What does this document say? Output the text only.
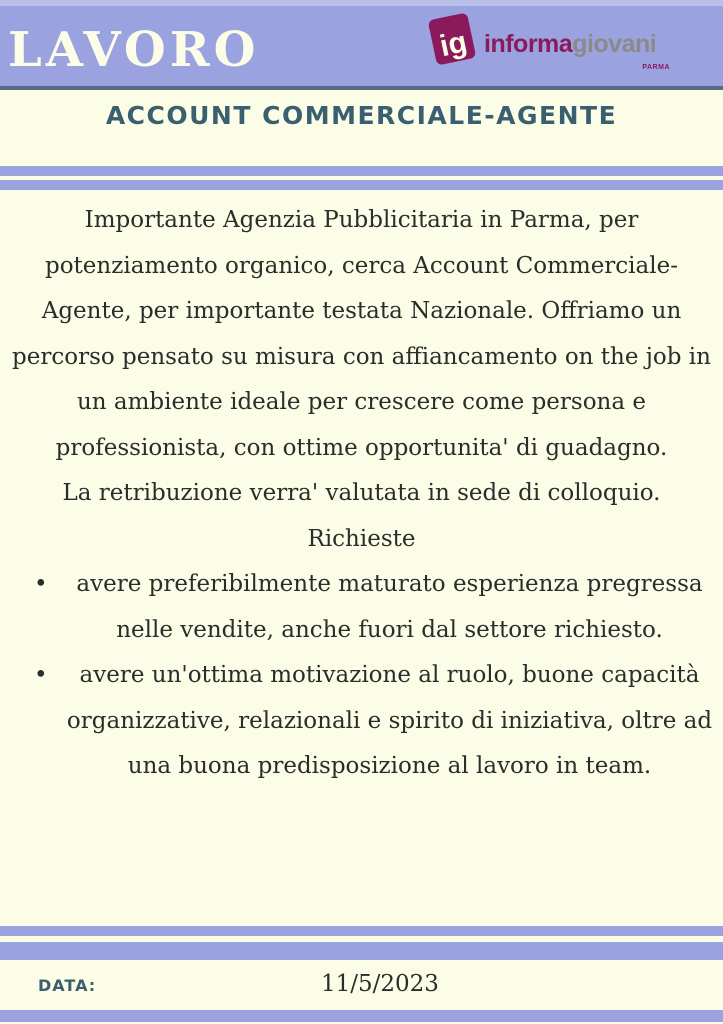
LAVORO	ig informagiovani
PARMA
ACCOUNT COMMERCIALE-AGENTE

Importante Agenzia Pubblicitaria in Parma, per potenziamento organico, cerca Account Commerciale-Agente, per importante testata Nazionale. Offriamo un percorso pensato su misura con affiancamento on the job in un ambiente ideale per crescere come persona e professionista, con ottime opportunita' di guadagno.

La retribuzione verra' valutata in sede di colloquio.

Richieste

• avere preferibilmente maturato esperienza pregressa nelle vendite, anche fuori dal settore richiesto.
• avere un'ottima motivazione al ruolo, buone capacità organizzative, relazionali e spirito di iniziativa, oltre ad una buona predisposizione al lavoro in team.
DATA:	11/5/2023
